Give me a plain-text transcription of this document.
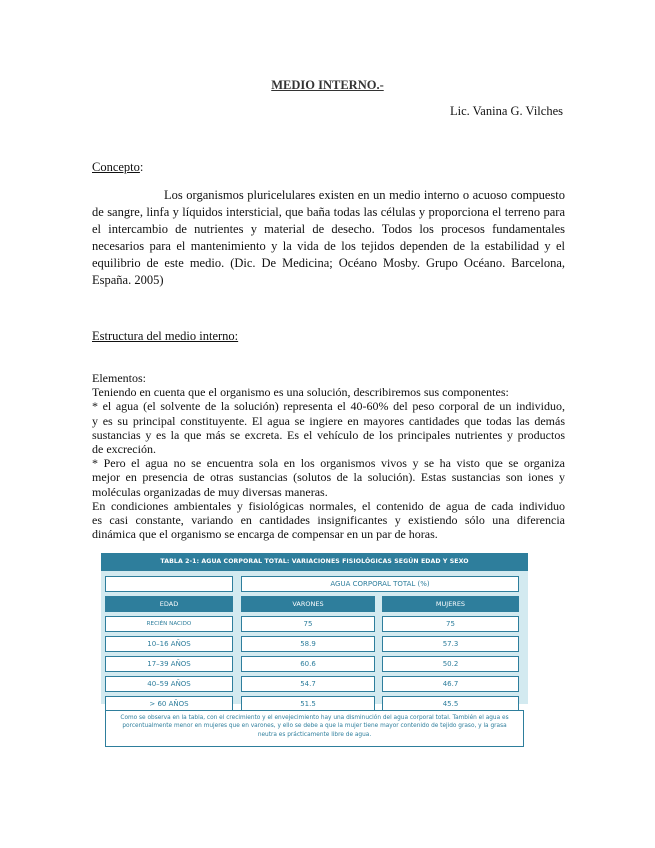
MEDIO INTERNO.-
Lic. Vanina G. Vilches
Concepto:

Los organismos pluricelulares existen en un medio interno o acuoso compuesto de sangre, linfa y líquidos intersticial, que baña todas las células y proporciona el terreno para el intercambio de nutrientes y material de desecho. Todos los procesos fundamentales necesarios para el mantenimiento y la vida de los tejidos dependen de la estabilidad y el equilibrio de este medio. (Dic. De Medicina; Océano Mosby. Grupo Océano. Barcelona, España. 2005)

Estructura del medio interno:
Elementos:
Teniendo en cuenta que el organismo es una solución, describiremos sus componentes:
* el agua (el solvente de la solución) representa el 40-60% del peso corporal de un individuo,
y es su principal constituyente. El agua se ingiere en mayores cantidades que todas las demás
sustancias y es la que más se excreta. Es el vehículo de los principales nutrientes y productos
de excreción.
* Pero el agua no se encuentra sola en los organismos vivos y se ha visto que se organiza
mejor en presencia de otras sustancias (solutos de la solución). Estas sustancias son iones y
moléculas organizadas de muy diversas maneras.
En condiciones ambientales y fisiológicas normales, el contenido de agua de cada individuo
es casi constante, variando en cantidades insignificantes y existiendo sólo una diferencia
dinámica que el organismo se encarga de compensar en un par de horas.
TABLA 2-1: AGUA CORPORAL TOTAL: VARIACIONES FISIOLÓGICAS SEGÚN EDAD Y SEXO
AGUA CORPORAL TOTAL (%)
EDAD	VARONES	MUJERES
RECIÉN NACIDO	75	75
10–16 AÑOS	58.9	57.3
17–39 AÑOS	60.6	50.2
40–59 AÑOS	54.7	46.7
> 60 AÑOS	51.5	45.5
Como se observa en la tabla, con el crecimiento y el envejecimiento hay una disminución del agua corporal total. También el agua es porcentualmente menor en mujeres que en varones, y ello se debe a que la mujer tiene mayor contenido de tejido graso, y la grasa neutra es prácticamente libre de agua.
